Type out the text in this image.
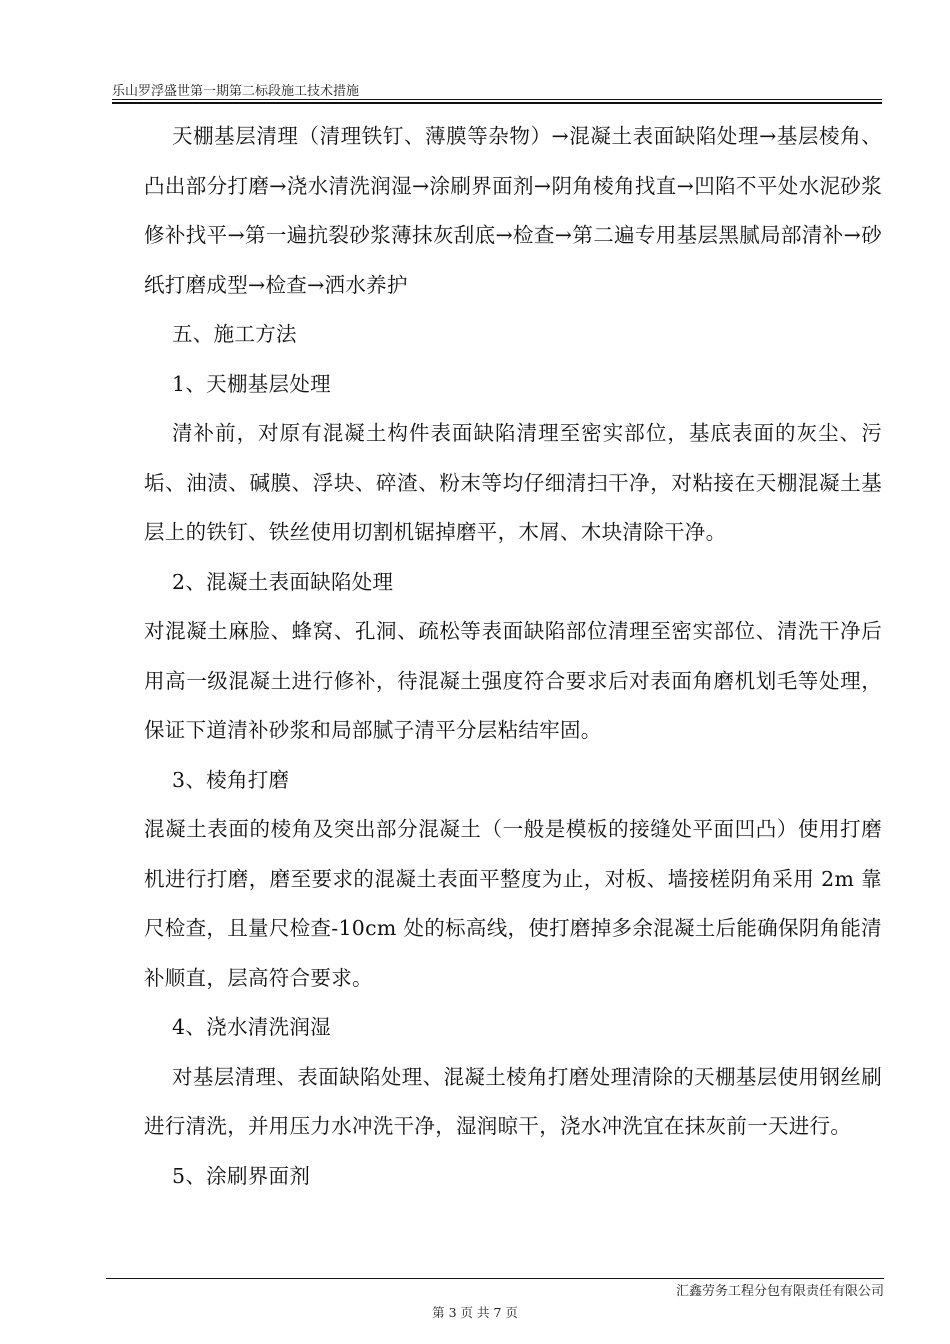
乐山罗浮盛世第一期第二标段施工技术措施

天棚基层清理（清理铁钉、薄膜等杂物）→混凝土表面缺陷处理→基层棱角、凸出部分打磨→浇水清洗润湿→涂刷界面剂→阴角棱角找直→凹陷不平处水泥砂浆修补找平→第一遍抗裂砂浆薄抹灰刮底→检查→第二遍专用基层黑腻局部清补→砂纸打磨成型→检查→洒水养护

五、施工方法

1、天棚基层处理

清补前，对原有混凝土构件表面缺陷清理至密实部位，基底表面的灰尘、污垢、油渍、碱膜、浮块、碎渣、粉末等均仔细清扫干净，对粘接在天棚混凝土基层上的铁钉、铁丝使用切割机锯掉磨平，木屑、木块清除干净。

2、混凝土表面缺陷处理

对混凝土麻脸、蜂窝、孔洞、疏松等表面缺陷部位清理至密实部位、清洗干净后用高一级混凝土进行修补，待混凝土强度符合要求后对表面角磨机划毛等处理，保证下道清补砂浆和局部腻子清平分层粘结牢固。

3、棱角打磨

混凝土表面的棱角及突出部分混凝土（一般是模板的接缝处平面凹凸）使用打磨机进行打磨，磨至要求的混凝土表面平整度为止，对板、墙接槎阴角采用 2m 靠尺检查，且量尺检查-10cm 处的标高线，使打磨掉多余混凝土后能确保阴角能清补顺直，层高符合要求。

4、浇水清洗润湿

对基层清理、表面缺陷处理、混凝土棱角打磨处理清除的天棚基层使用钢丝刷进行清洗，并用压力水冲洗干净，湿润晾干，浇水冲洗宜在抹灰前一天进行。

5、涂刷界面剂

汇鑫劳务工程分包有限责任有限公司
第 3 页 共 7 页
